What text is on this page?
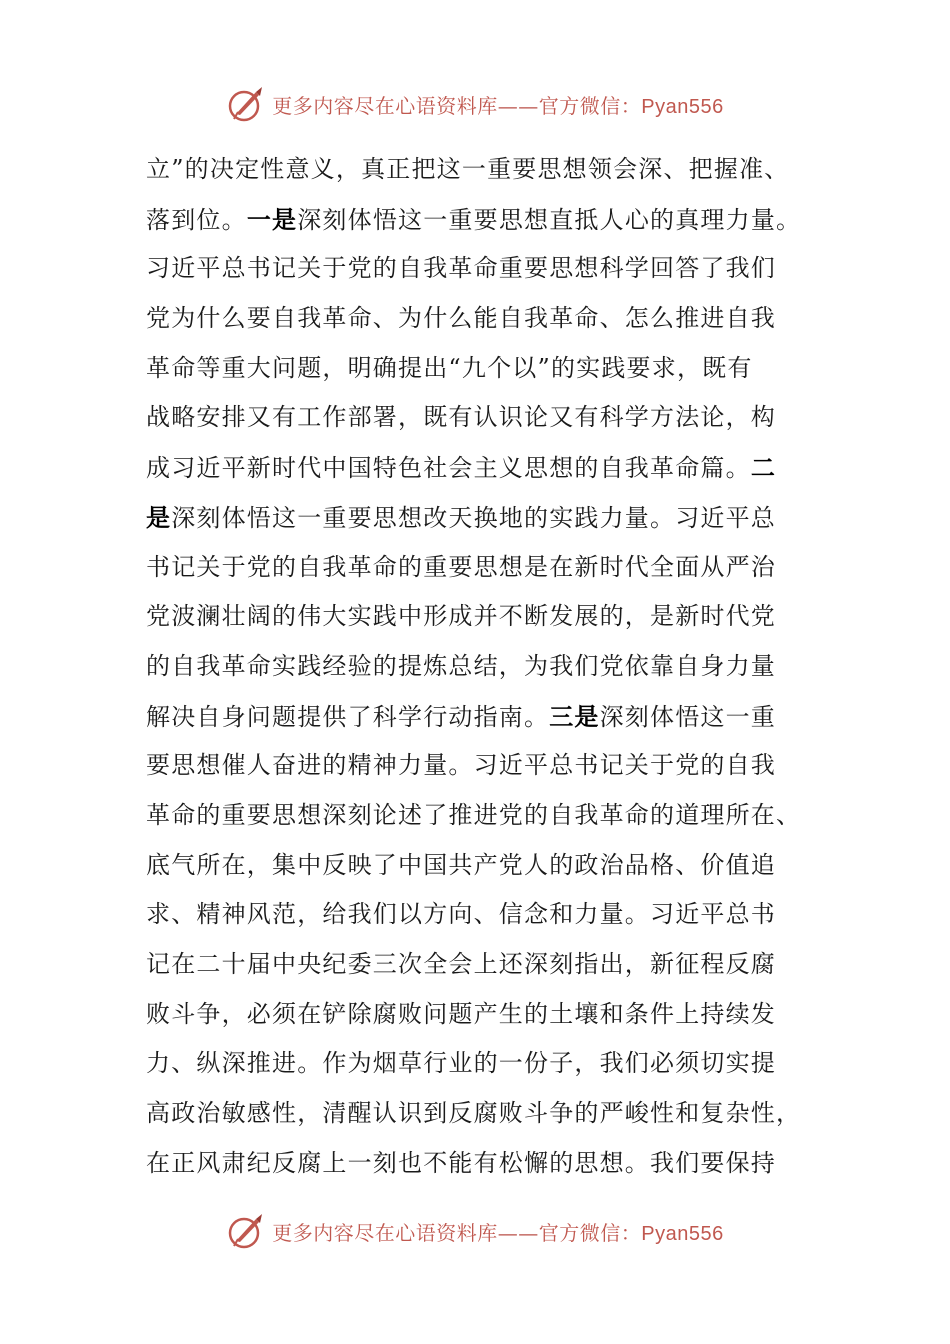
更多内容尽在心语资料库——官方微信：Pyan556
立”的决定性意义，真正把这一重要思想领会深、把握准、
落到位。一是深刻体悟这一重要思想直抵人心的真理力量。
习近平总书记关于党的自我革命重要思想科学回答了我们
党为什么要自我革命、为什么能自我革命、怎么推进自我
革命等重大问题，明确提出“九个以”的实践要求，既有
战略安排又有工作部署，既有认识论又有科学方法论，构
成习近平新时代中国特色社会主义思想的自我革命篇。二
是深刻体悟这一重要思想改天换地的实践力量。习近平总
书记关于党的自我革命的重要思想是在新时代全面从严治
党波澜壮阔的伟大实践中形成并不断发展的，是新时代党
的自我革命实践经验的提炼总结，为我们党依靠自身力量
解决自身问题提供了科学行动指南。三是深刻体悟这一重
要思想催人奋进的精神力量。习近平总书记关于党的自我
革命的重要思想深刻论述了推进党的自我革命的道理所在、
底气所在，集中反映了中国共产党人的政治品格、价值追
求、精神风范，给我们以方向、信念和力量。习近平总书
记在二十届中央纪委三次全会上还深刻指出，新征程反腐
败斗争，必须在铲除腐败问题产生的土壤和条件上持续发
力、纵深推进。作为烟草行业的一份子，我们必须切实提
高政治敏感性，清醒认识到反腐败斗争的严峻性和复杂性，
在正风肃纪反腐上一刻也不能有松懈的思想。我们要保持
更多内容尽在心语资料库——官方微信：Pyan556
